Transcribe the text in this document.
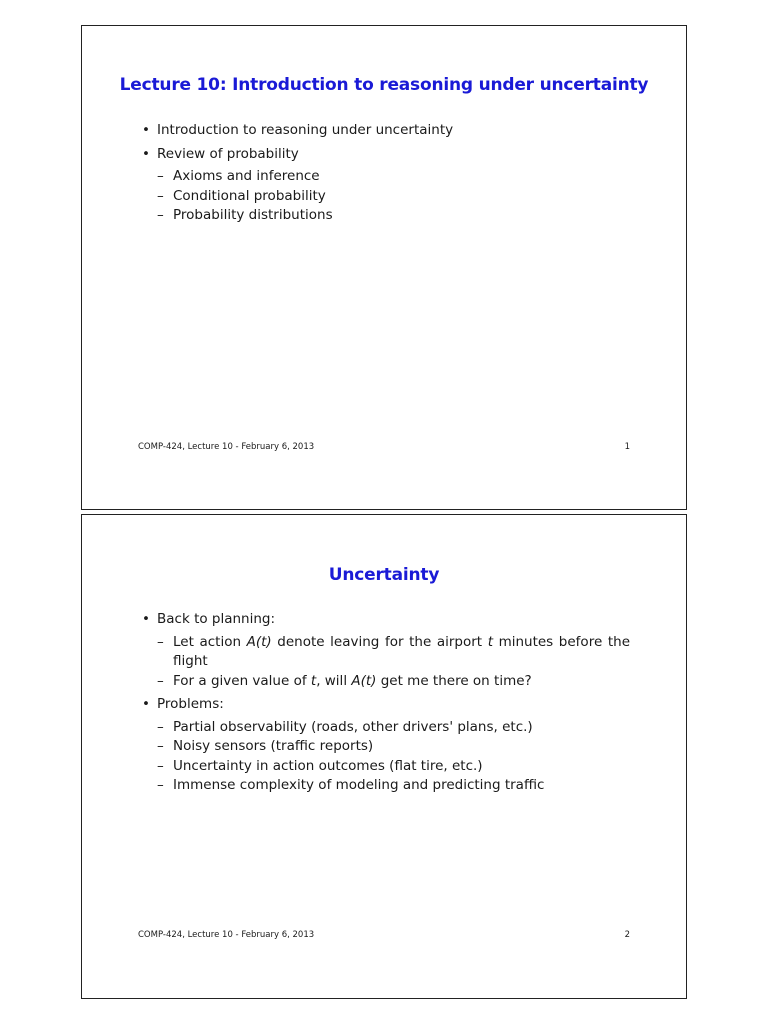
Lecture 10: Introduction to reasoning under uncertainty
• Introduction to reasoning under uncertainty
• Review of probability
– Axioms and inference
– Conditional probability
– Probability distributions
COMP-424, Lecture 10 - February 6, 2013	1
Uncertainty
• Back to planning:
– Let action A(t) denote leaving for the airport t minutes before the flight
– For a given value of t, will A(t) get me there on time?
• Problems:
– Partial observability (roads, other drivers' plans, etc.)
– Noisy sensors (traffic reports)
– Uncertainty in action outcomes (flat tire, etc.)
– Immense complexity of modeling and predicting traffic
COMP-424, Lecture 10 - February 6, 2013	2
